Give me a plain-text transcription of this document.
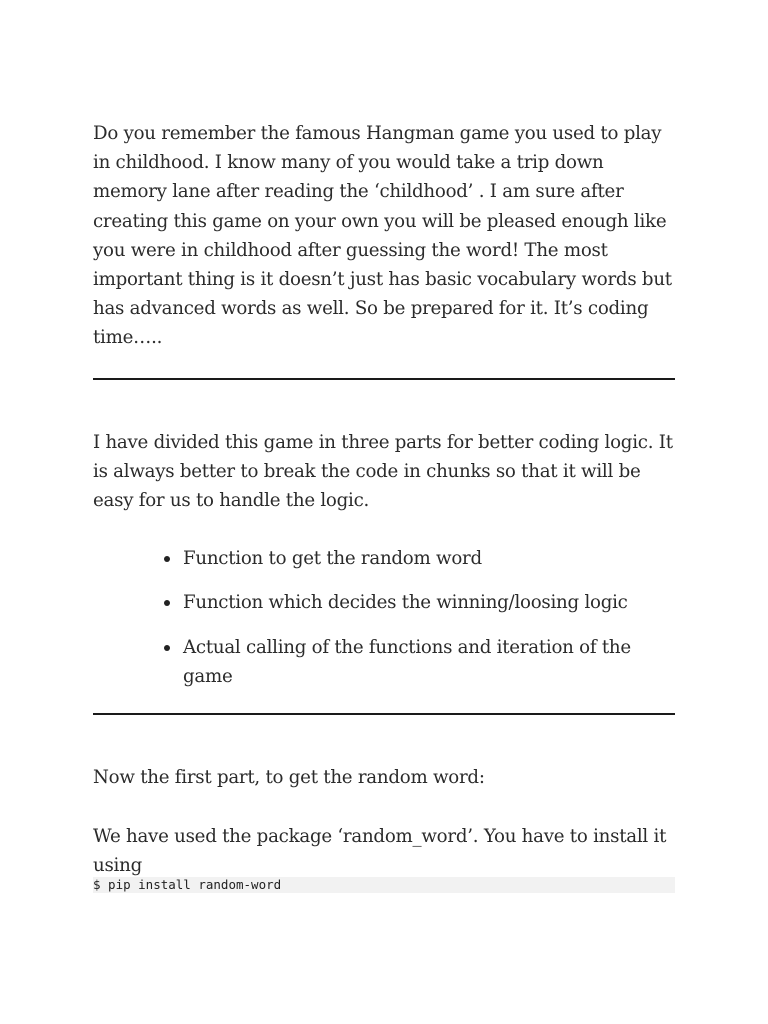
Do you remember the famous Hangman game you used to play in childhood. I know many of you would take a trip down memory lane after reading the ‘childhood’ . I am sure after creating this game on your own you will be pleased enough like you were in childhood after guessing the word! The most important thing is it doesn’t just has basic vocabulary words but has advanced words as well. So be prepared for it. It’s coding time…..

I have divided this game in three parts for better coding logic. It is always better to break the code in chunks so that it will be easy for us to handle the logic.

Function to get the random word
Function which decides the winning/loosing logic
Actual calling of the functions and iteration of the game

Now the first part, to get the random word:

We have used the package ‘random_word’. You have to install it using

$ pip install random-word
